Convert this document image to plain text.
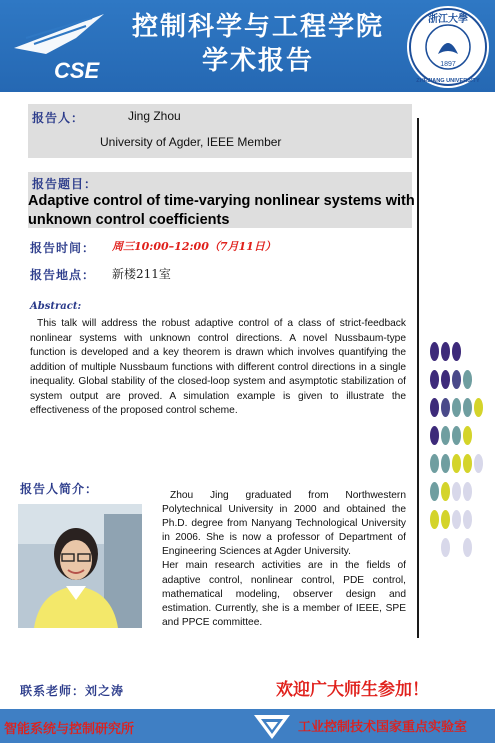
CSE
控制科学与工程学院
学术报告
浙江大學
1897
ZHEJIANG UNIVERSITY
报告人：	Jing Zhou
University of Agder, IEEE Member
报告题目：
Adaptive control of time-varying nonlinear systems with unknown control coefficients
报告时间： 周三10:00–12:00（7月11日）
报告地点： 新楼211室
Abstract:
This talk will address the robust adaptive control of a class of strict-feedback nonlinear systems with unknown control directions. A novel Nussbaum-type function is developed and a key theorem is drawn which involves quantifying the addition of multiple Nussbaum functions with different control directions in a single inequality. Global stability of the closed-loop system and asymptotic stabilization of system output are proved. A simulation example is given to illustrate the effectiveness of the proposed control scheme.
报告人简介：	Zhou Jing graduated from Northwestern Polytechnical University in 2000 and obtained the Ph.D. degree from Nanyang Technological University in 2006. She is now a professor of Department of Engineering Sciences at Agder University.

Her main research activities are in the fields of adaptive control, nonlinear control, PDE control, mathematical modeling, observer design and estimation. Currently, she is a member of IEEE, SPE and PPCE committee.

联系老师：刘之涛	欢迎广大师生参加！
智能系统与控制研究所	工业控制技术国家重点实验室
